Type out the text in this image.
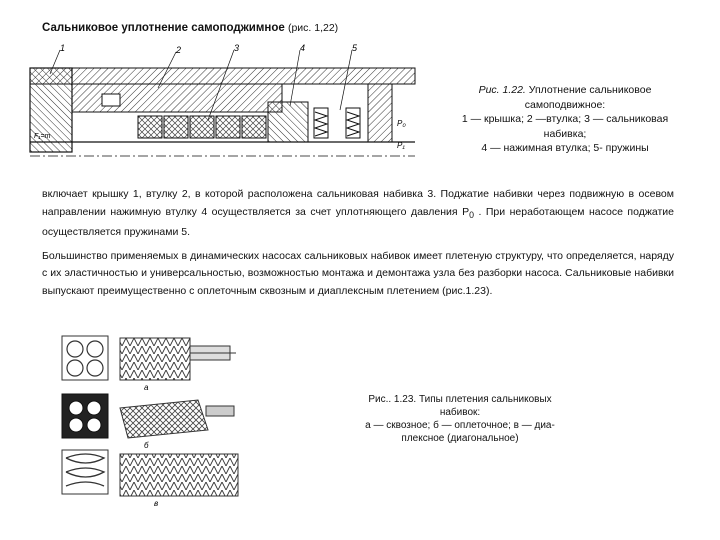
Сальниковое уплотнение самоподжимное (рис. 1,22)
1	2	3	4	5
F₁=m
P₀
P₁
Рис. 1.22. Уплотнение сальниковое
самоподвижное:
1 — крышка; 2 —втулка; 3 — сальниковая набивка;
4 — нажимная втулка; 5- пружины

включает крышку 1, втулку 2, в которой расположена сальниковая набивка 3. Поджатие набивки через подвижную в осевом направлении нажимную втулку 4 осуществляется за счет уплотняющего давления $Р_0$ . При неработающем насосе поджатие осуществляется пружинами 5.

Большинство применяемых в динамических насосах сальниковых набивок имеет плетеную структуру, что определяется, наряду с их эластичностью и универсальностью, возможностью монтажа и демонтажа узла без разборки насоса. Сальниковые набивки выпускают преимущественно с оплеточным сквозным и диаплексным плетением (рис.1.23).

а
б
в
Рис.. 1.23. Типы плетения сальниковых
набивок:
а — сквозное; б — оплеточное; в — диа-
плексное (диагональное)
